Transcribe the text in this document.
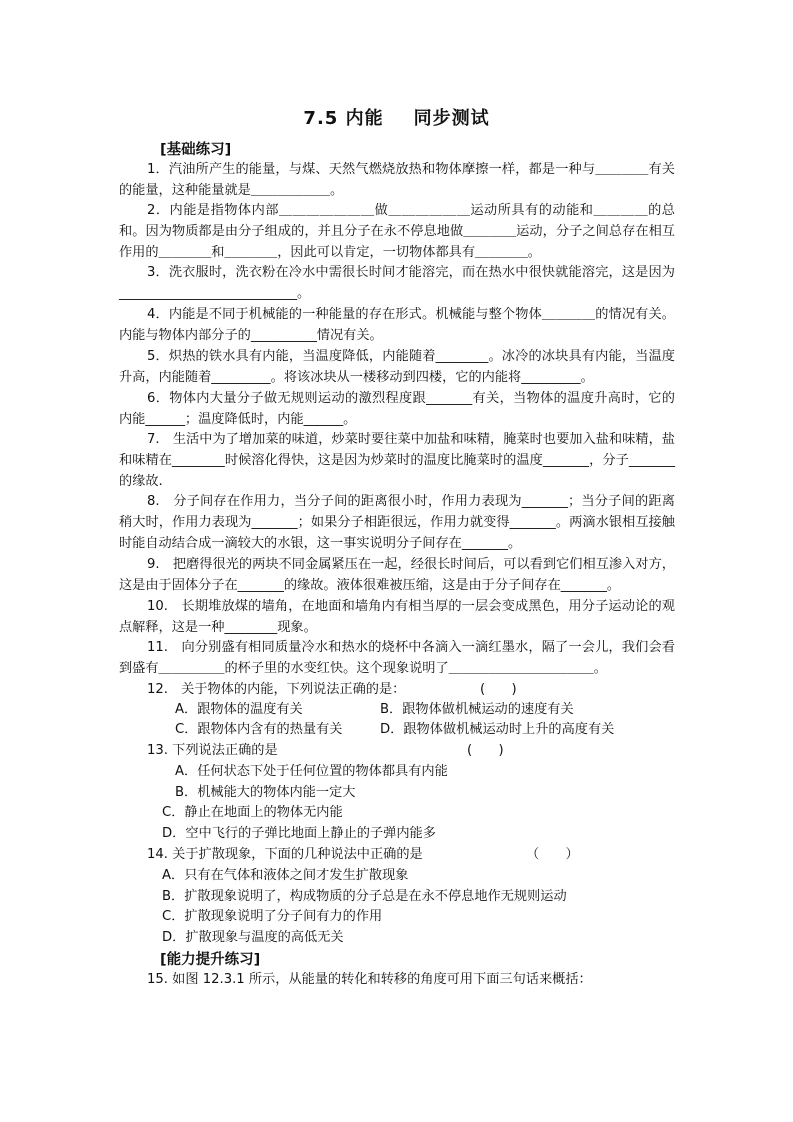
7.5 内能 同步测试
[基础练习]
1．汽油所产生的能量，与煤、天然气燃烧放热和物体摩擦一样，都是一种与＿＿＿＿有关的能量，这种能量就是＿＿＿＿＿＿。
2．内能是指物体内部＿＿＿＿＿＿＿做＿＿＿＿＿＿运动所具有的动能和＿＿＿＿的总和。因为物质都是由分子组成的，并且分子在永不停息地做＿＿＿＿运动，分子之间总存在相互作用的＿＿＿＿和＿＿＿＿，因此可以肯定，一切物体都具有＿＿＿＿。
3．洗衣服时，洗衣粉在冷水中需很长时间才能溶完，而在热水中很快就能溶完，这是因为___________________________。
4．内能是不同于机械能的一种能量的存在形式。机械能与整个物体＿＿＿＿的情况有关。内能与物体内部分子的__________情况有关。
5．炽热的铁水具有内能，当温度降低，内能随着________。冰冷的冰块具有内能，当温度升高，内能随着_________。将该冰块从一楼移动到四楼，它的内能将_________。
6．物体内大量分子做无规则运动的激烈程度跟_______有关，当物体的温度升高时，它的内能______；温度降低时，内能______。
7.　生活中为了增加菜的味道，炒菜时要往菜中加盐和味精，腌菜时也要加入盐和味精，盐和味精在________时候溶化得快，这是因为炒菜时的温度比腌菜时的温度_______，分子_______的缘故.
8.　分子间存在作用力，当分子间的距离很小时，作用力表现为_______；当分子间的距离稍大时，作用力表现为_______；如果分子相距很远，作用力就变得_______。两滴水银相互接触时能自动结合成一滴较大的水银，这一事实说明分子间存在_______。
9.　把磨得很光的两块不同金属紧压在一起，经很长时间后，可以看到它们相互渗入对方，这是由于固体分子在_______的缘故。液体很难被压缩，这是由于分子间存在_______。
10.　长期堆放煤的墙角，在地面和墙角内有相当厚的一层会变成黑色，用分子运动论的观点解释，这是一种________现象。
11.　向分别盛有相同质量冷水和热水的烧杯中各滴入一滴红墨水，隔了一会儿，我们会看到盛有＿＿＿＿＿的杯子里的水变红快。这个现象说明了＿＿＿＿＿＿＿＿＿＿＿。
12.　关于物体的内能，下列说法正确的是：	(　　)
A．跟物体的温度有关	B．跟物体做机械运动的速度有关
C．跟物体内含有的热量有关	D．跟物体做机械运动时上升的高度有关
13. 下列说法正确的是	(　　)
A．任何状态下处于任何位置的物体都具有内能
B．机械能大的物体内能一定大
C．静止在地面上的物体无内能
D．空中飞行的子弹比地面上静止的子弹内能多
14. 关于扩散现象，下面的几种说法中正确的是	（　　）
A．只有在气体和液体之间才发生扩散现象
B．扩散现象说明了，构成物质的分子总是在永不停息地作无规则运动
C．扩散现象说明了分子间有力的作用
D．扩散现象与温度的高低无关
[能力提升练习]
15. 如图 12.3.1 所示，从能量的转化和转移的角度可用下面三句话来概括：
